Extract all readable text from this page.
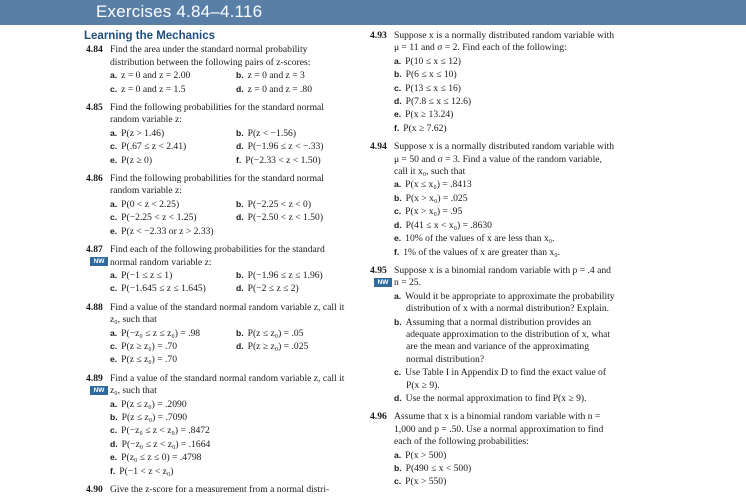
Exercises 4.84–4.116
Learning the Mechanics
4.84 Find the area under the standard normal probability distribution between the following pairs of z-scores:
a. z = 0 and z = 2.00	b. z = 0 and z = 3
c. z = 0 and z = 1.5	d. z = 0 and z = .80
4.85 Find the following probabilities for the standard normal random variable z:
a. P(z > 1.46)	b. P(z < −1.56)
c. P(.67 ≤ z < 2.41)	d. P(−1.96 ≤ z < −.33)
e. P(z ≥ 0)	f. P(−2.33 < z < 1.50)
4.86 Find the following probabilities for the standard normal random variable z:
a. P(0 < z < 2.25)	b. P(−2.25 < z < 0)
c. P(−2.25 < z < 1.25)	d. P(−2.50 < z < 1.50)
e. P(z < −2.33 or z > 2.33)
4.87
NW
Find each of the following probabilities for the standard normal random variable z:
a. P(−1 ≤ z ≤ 1)	b. P(−1.96 ≤ z ≤ 1.96)
c. P(−1.645 ≤ z ≤ 1.645)	d. P(−2 ≤ z ≤ 2)
4.88 Find a value of the standard normal random variable z, call it z₀, such that
a. P(−z₀ ≤ z ≤ z₀) = .98	b. P(z ≤ z₀) = .05
c. P(z ≥ z₀) = .70	d. P(z ≥ z₀) = .025
e. P(z ≤ z₀) = .70
4.89
NW
Find a value of the standard normal random variable z, call it z₀, such that
a. P(z ≤ z₀) = .2090
b. P(z ≤ z₀) = .7090
c. P(−z₀ ≤ z < z₀) = .8472
d. P(−z₀ ≤ z < z₀) = .1664
e. P(z₀ ≤ z ≤ 0) = .4798
f. P(−1 < z < z₀)
4.90 Give the z-score for a measurement from a normal distri-
4.93 Suppose x is a normally distributed random variable with μ = 11 and σ = 2. Find each of the following:
a. P(10 ≤ x ≤ 12)
b. P(6 ≤ x ≤ 10)
c. P(13 ≤ x ≤ 16)
d. P(7.8 ≤ x ≤ 12.6)
e. P(x ≥ 13.24)
f. P(x ≥ 7.62)
4.94 Suppose x is a normally distributed random variable with μ = 50 and σ = 3. Find a value of the random variable, call it x₀, such that
a. P(x ≤ x₀) = .8413
b. P(x > x₀) = .025
c. P(x > x₀) = .95
d. P(41 ≤ x < x₀) = .8630
e. 10% of the values of x are less than x₀.
f. 1% of the values of x are greater than x₀.
4.95
NW
Suppose x is a binomial random variable with p = .4 and n = 25.
a. Would it be appropriate to approximate the probability distribution of x with a normal distribution? Explain.
b. Assuming that a normal distribution provides an adequate approximation to the distribution of x, what are the mean and variance of the approximating normal distribution?
c. Use Table I in Appendix D to find the exact value of P(x ≥ 9).
d. Use the normal approximation to find P(x ≥ 9).
4.96 Assume that x is a binomial random variable with n = 1,000 and p = .50. Use a normal approximation to find each of the following probabilities:
a. P(x > 500)
b. P(490 ≤ x < 500)
c. P(x > 550)
